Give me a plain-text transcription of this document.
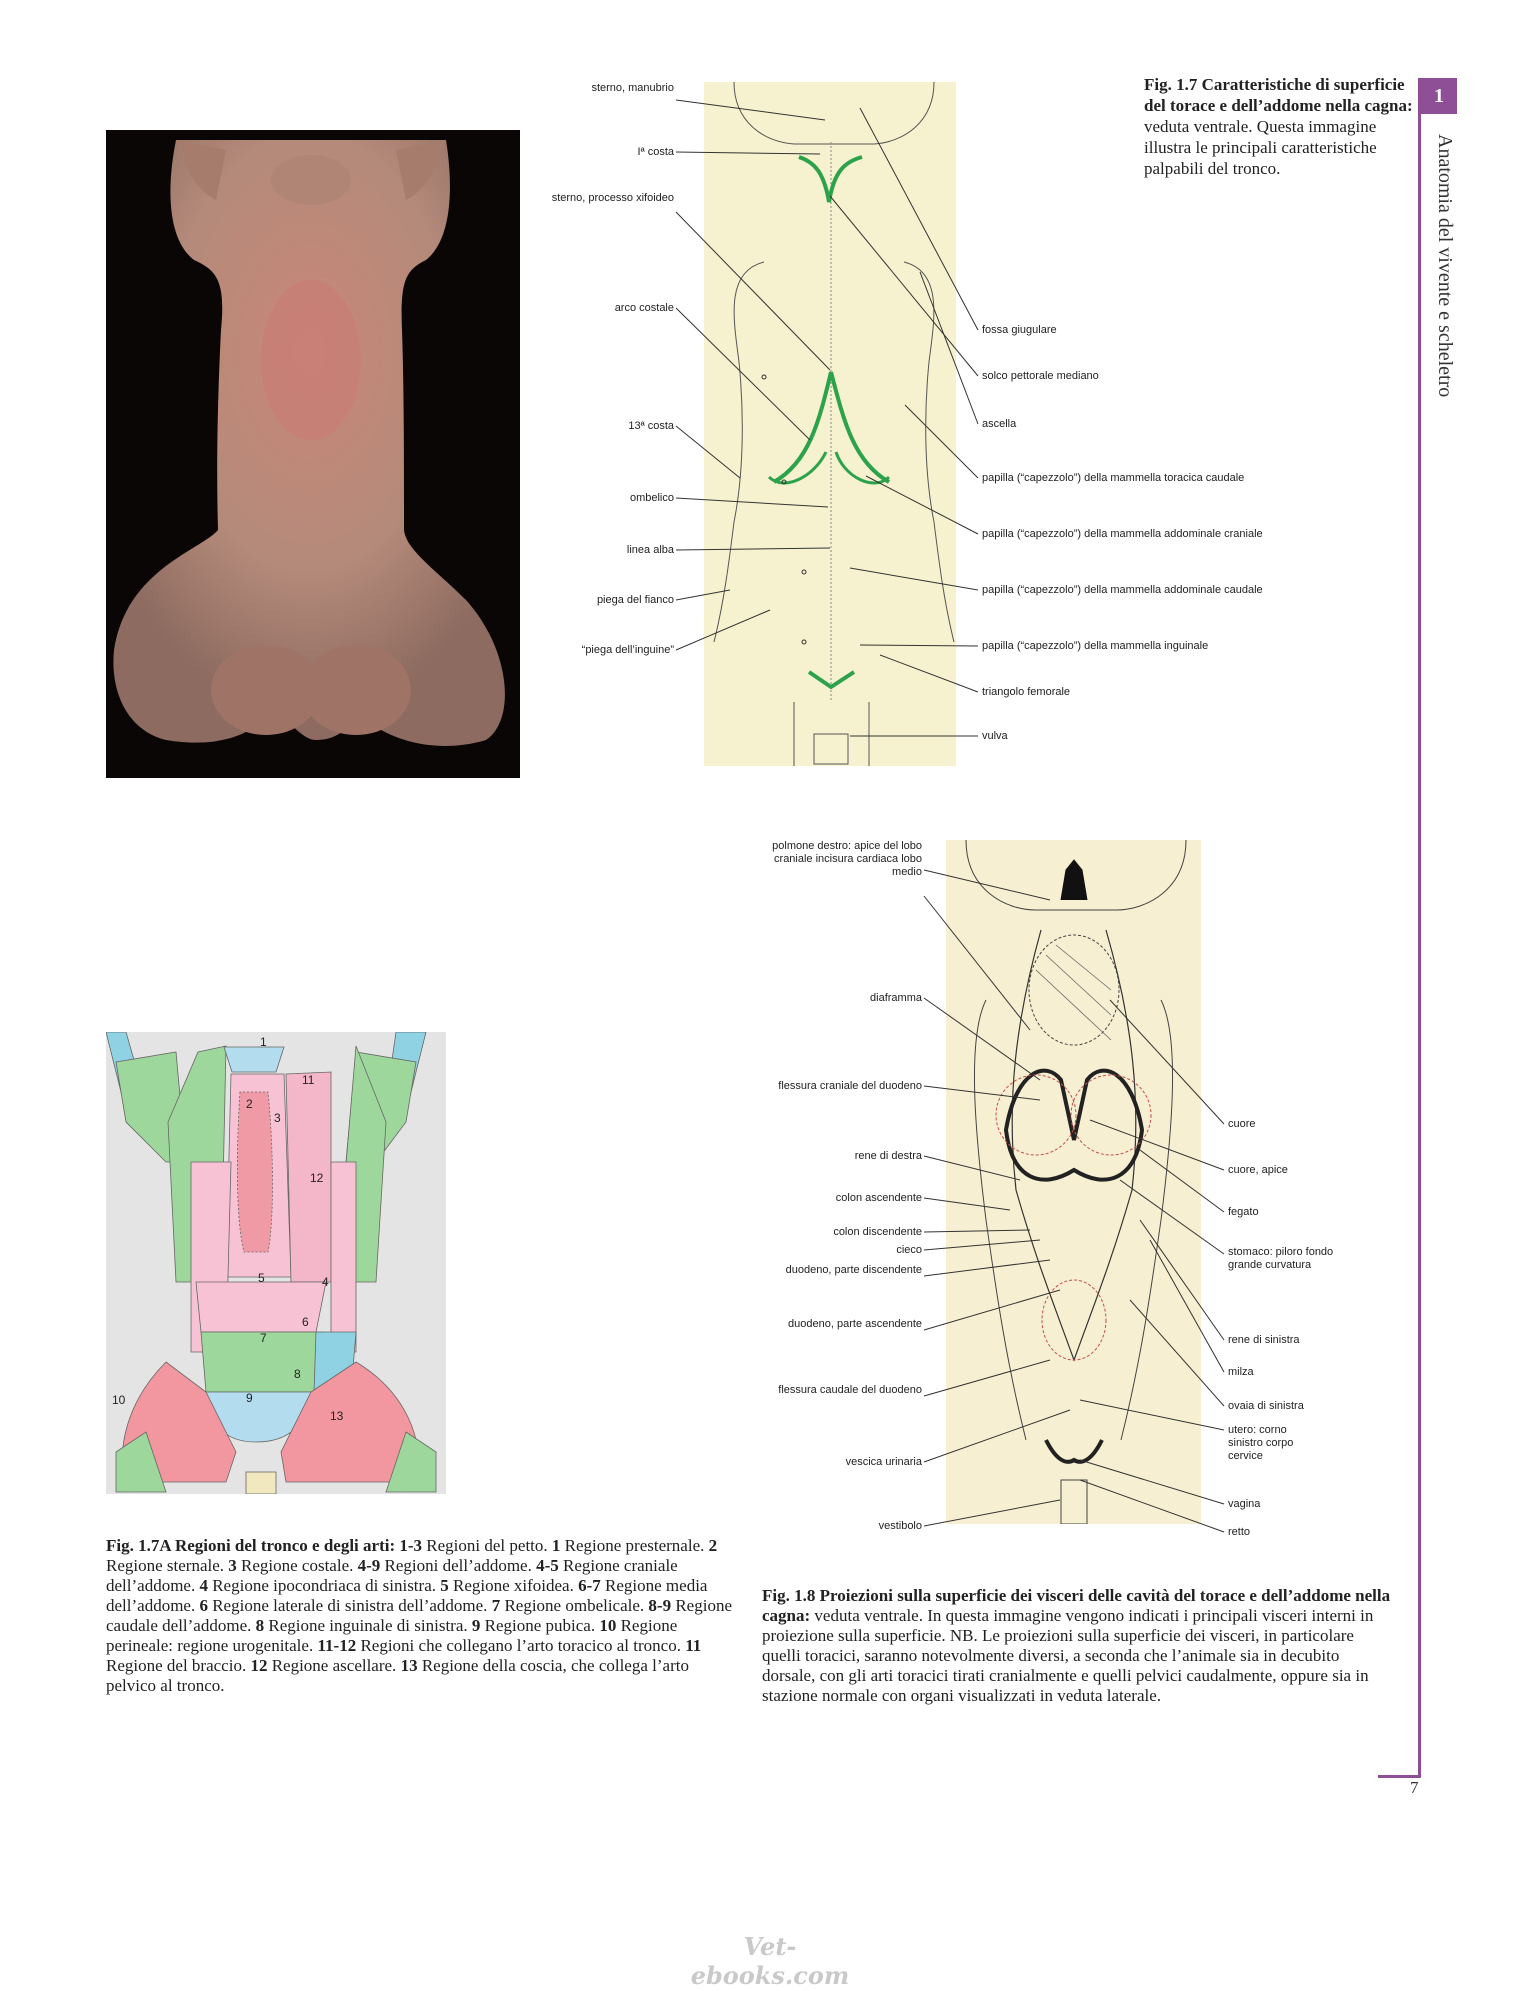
sterno, manubrio
Iª costa
sterno, processo xifoideo
arco costale
13ª costa
ombelico
linea alba
piega del fianco
“piega dell’inguine”
fossa giugulare
solco pettorale mediano
ascella
papilla (“capezzolo”) della mammella toracica caudale
papilla (“capezzolo”) della mammella addominale craniale
papilla (“capezzolo”) della mammella addominale caudale
papilla (“capezzolo”) della mammella inguinale
triangolo femorale
vulva
Fig. 1.7 Caratteristiche di superficie del torace e dell’addome nella cagna: veduta ventrale. Questa immagine illustra le principali caratteristiche palpabili del tronco.
1
Anatomia del vivente e scheletro
1
2
3
4
5
6
7
8
9
10
11
12
13
Fig. 1.7A Regioni del tronco e degli arti: 1-3 Regioni del petto. 1 Regione presternale. 2 Regione sternale. 3 Regione costale. 4-9 Regioni dell’addome. 4-5 Regione craniale dell’addome. 4 Regione ipocondriaca di sinistra. 5 Regione xifoidea. 6-7 Regione media dell’addome. 6 Regione laterale di sinistra dell’addome. 7 Regione ombelicale. 8-9 Regione caudale dell’addome. 8 Regione inguinale di sinistra. 9 Regione pubica. 10 Regione perineale: regione urogenitale. 11-12 Regioni che collegano l’arto toracico al tronco. 11 Regione del braccio. 12 Regione ascellare. 13 Regione della coscia, che collega l’arto pelvico al tronco.
polmone destro: apice del lobo craniale incisura cardiaca lobo medio
diaframma
flessura craniale del duodeno
rene di destra
colon ascendente
colon discendente
cieco
duodeno, parte discendente
duodeno, parte ascendente
flessura caudale del duodeno
vescica urinaria
vestibolo
cuore
cuore, apice
fegato
stomaco: piloro fondo grande curvatura
rene di sinistra
milza
ovaia di sinistra
utero: corno sinistro corpo cervice
vagina
retto
Fig. 1.8 Proiezioni sulla superficie dei visceri delle cavità del torace e dell’addome nella cagna: veduta ventrale. In questa immagine vengono indicati i principali visceri interni in proiezione sulla superficie. NB. Le proiezioni sulla superficie dei visceri, in particolare quelli toracici, saranno notevolmente diversi, a seconda che l’animale sia in decubito dorsale, con gli arti toracici tirati cranialmente e quelli pelvici caudalmente, oppure sia in stazione normale con organi visualizzati in veduta laterale.
7
Vet-ebooks.com
